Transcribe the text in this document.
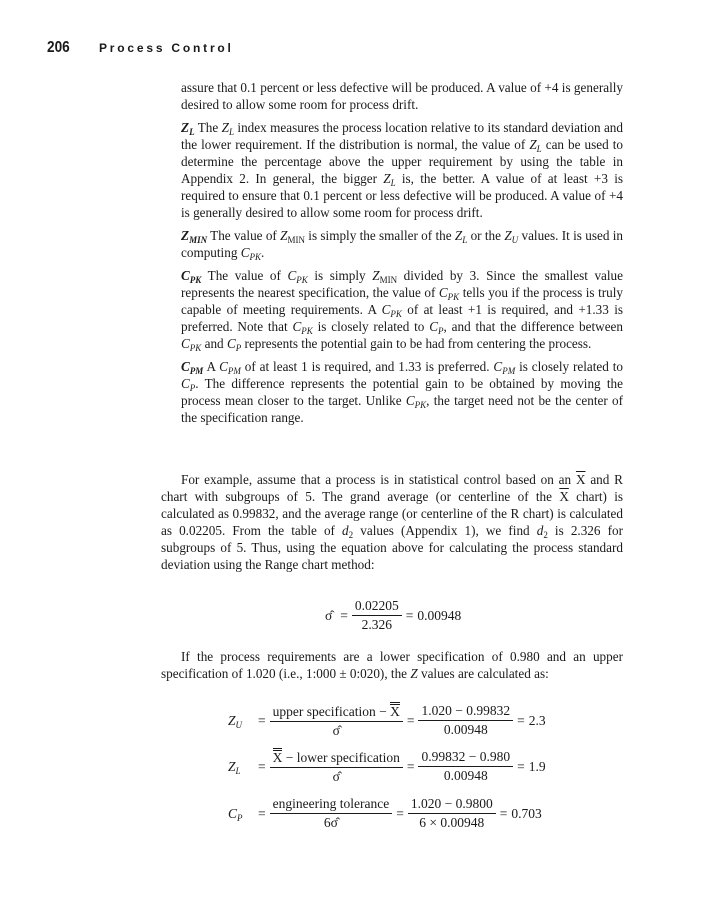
206 Process Control

assure that 0.1 percent or less defective will be produced. A value of +4 is generally desired to allow some room for process drift.

$Z_L$ The $Z_L$ index measures the process location relative to its standard deviation and the lower requirement. If the distribution is normal, the value of $Z_L$ can be used to determine the percentage above the upper requirement by using the table in Appendix 2. In general, the bigger $Z_L$ is, the better. A value of at least +3 is required to ensure that 0.1 percent or less defective will be produced. A value of +4 is generally desired to allow some room for process drift.

$Z_{MIN}$ The value of $Z_{MIN}$ is simply the smaller of the $Z_L$ or the $Z_U$ values. It is used in computing $C_{PK}$.

$C_{PK}$ The value of $C_{PK}$ is simply $Z_{MIN}$ divided by 3. Since the smallest value represents the nearest specification, the value of $C_{PK}$ tells you if the process is truly capable of meeting requirements. A $C_{PK}$ of at least +1 is required, and +1.33 is preferred. Note that $C_{PK}$ is closely related to $C_P$, and that the difference between $C_{PK}$ and $C_P$ represents the potential gain to be had from centering the process.

$C_{PM}$ A $C_{PM}$ of at least 1 is required, and 1.33 is preferred. $C_{PM}$ is closely related to $C_P$. The difference represents the potential gain to be obtained by moving the process mean closer to the target. Unlike $C_{PK}$, the target need not be the center of the specification range.

For example, assume that a process is in statistical control based on an $\overline{X}$ and R chart with subgroups of 5. The grand average (or centerline of the $\overline{X}$ chart) is calculated as 0.99832, and the average range (or centerline of the R chart) is calculated as 0.02205. From the table of $d_2$ values (Appendix 1), we find $d_2$ is 2.326 for subgroups of 5. Thus, using the equation above for calculating the process standard deviation using the Range chart method:

σ̂ = $\frac{0.02205}{2.326} = 0.00948$

If the process requirements are a lower specification of 0.980 and an upper specification of 1.020 (i.e., 1:000 ± 0:020), the Z values are calculated as:

$Z_U = \frac{\text{upper specification − X}}{\sigmâ} = \frac{1.020 - 0.99832}{0.00948} = 2.3$
$Z_L = \frac{\text{X − lower specification}}{\sigmâ} = \frac{0.99832 - 0.980}{0.00948} = 1.9$
$C_P = \frac{\text{engineering tolerance}}{6\sigmâ} = \frac{1.020 - 0.9800}{6 \times 0.00948} = 0.703$
